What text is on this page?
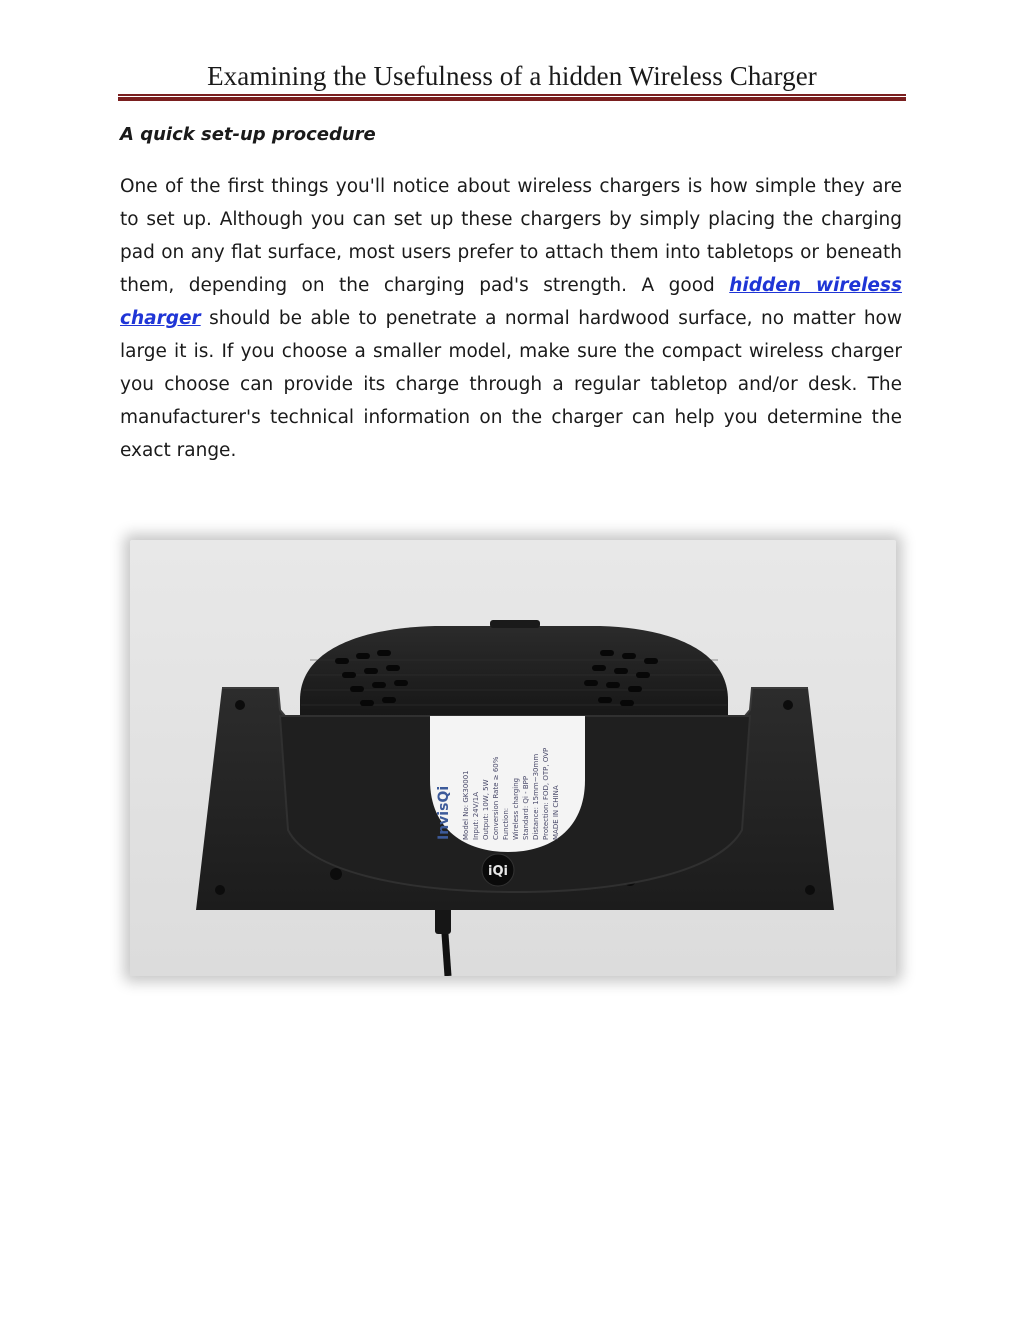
Examining the Usefulness of a hidden Wireless Charger
A quick set-up procedure

One of the first things you'll notice about wireless chargers is how simple they are to set up. Although you can set up these chargers by simply placing the charging pad on any flat surface, most users prefer to attach them into tabletops or beneath them, depending on the charging pad's strength. A good hidden wireless charger should be able to penetrate a normal hardwood surface, no matter how large it is. If you choose a smaller model, make sure the compact wireless charger you choose can provide its charge through a regular tabletop and/or desk. The manufacturer's technical information on the charger can help you determine the exact range.

InvisQi Model No: GK30001 Input: 24V/1A Output: 10W, 5W Conversion Rate ≥ 60% Function: Wireless charging Standard: Qi - BPP Distance: 15mm~30mm Protection: FOD, OTP, OVP MADE IN CHINA
iQi
